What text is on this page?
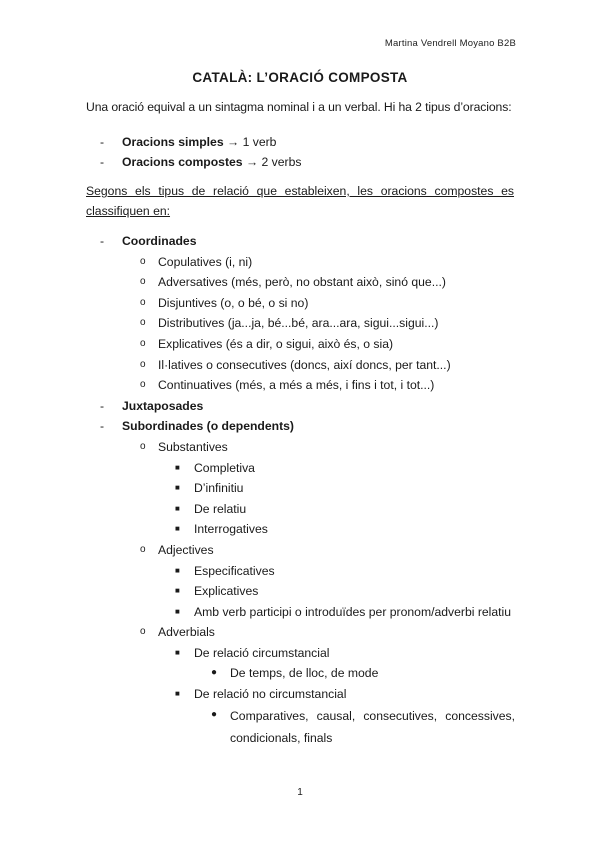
Martina Vendrell Moyano B2B
CATALÀ: L’ORACIÓ COMPOSTA
Una oració equival a un sintagma nominal i a un verbal. Hi ha 2 tipus d’oracions:
- Oracions simples → 1 verb
- Oracions compostes → 2 verbs
Segons els tipus de relació que estableixen, les oracions compostes es classifiquen en:
- Coordinades
o Copulatives (i, ni)
o Adversatives (més, però, no obstant això, sinó que...)
o Disjuntives (o, o bé, o si no)
o Distributives (ja...ja, bé...bé, ara...ara, sigui...sigui...)
o Explicatives (és a dir, o sigui, això és, o sia)
o Il·latives o consecutives (doncs, així doncs, per tant...)
o Continuatives (més, a més a més, i fins i tot, i tot...)
- Juxtaposades
- Subordinades (o dependents)
o Substantives
■ Completiva
■ D’infinitiu
■ De relatiu
■ Interrogatives
o Adjectives
■ Especificatives
■ Explicatives
■ Amb verb participi o introduïdes per pronom/adverbi relatiu
o Adverbials
■ De relació circumstancial
● De temps, de lloc, de mode
■ De relació no circumstancial
● Comparatives, causal, consecutives, concessives, condicionals, finals
1
